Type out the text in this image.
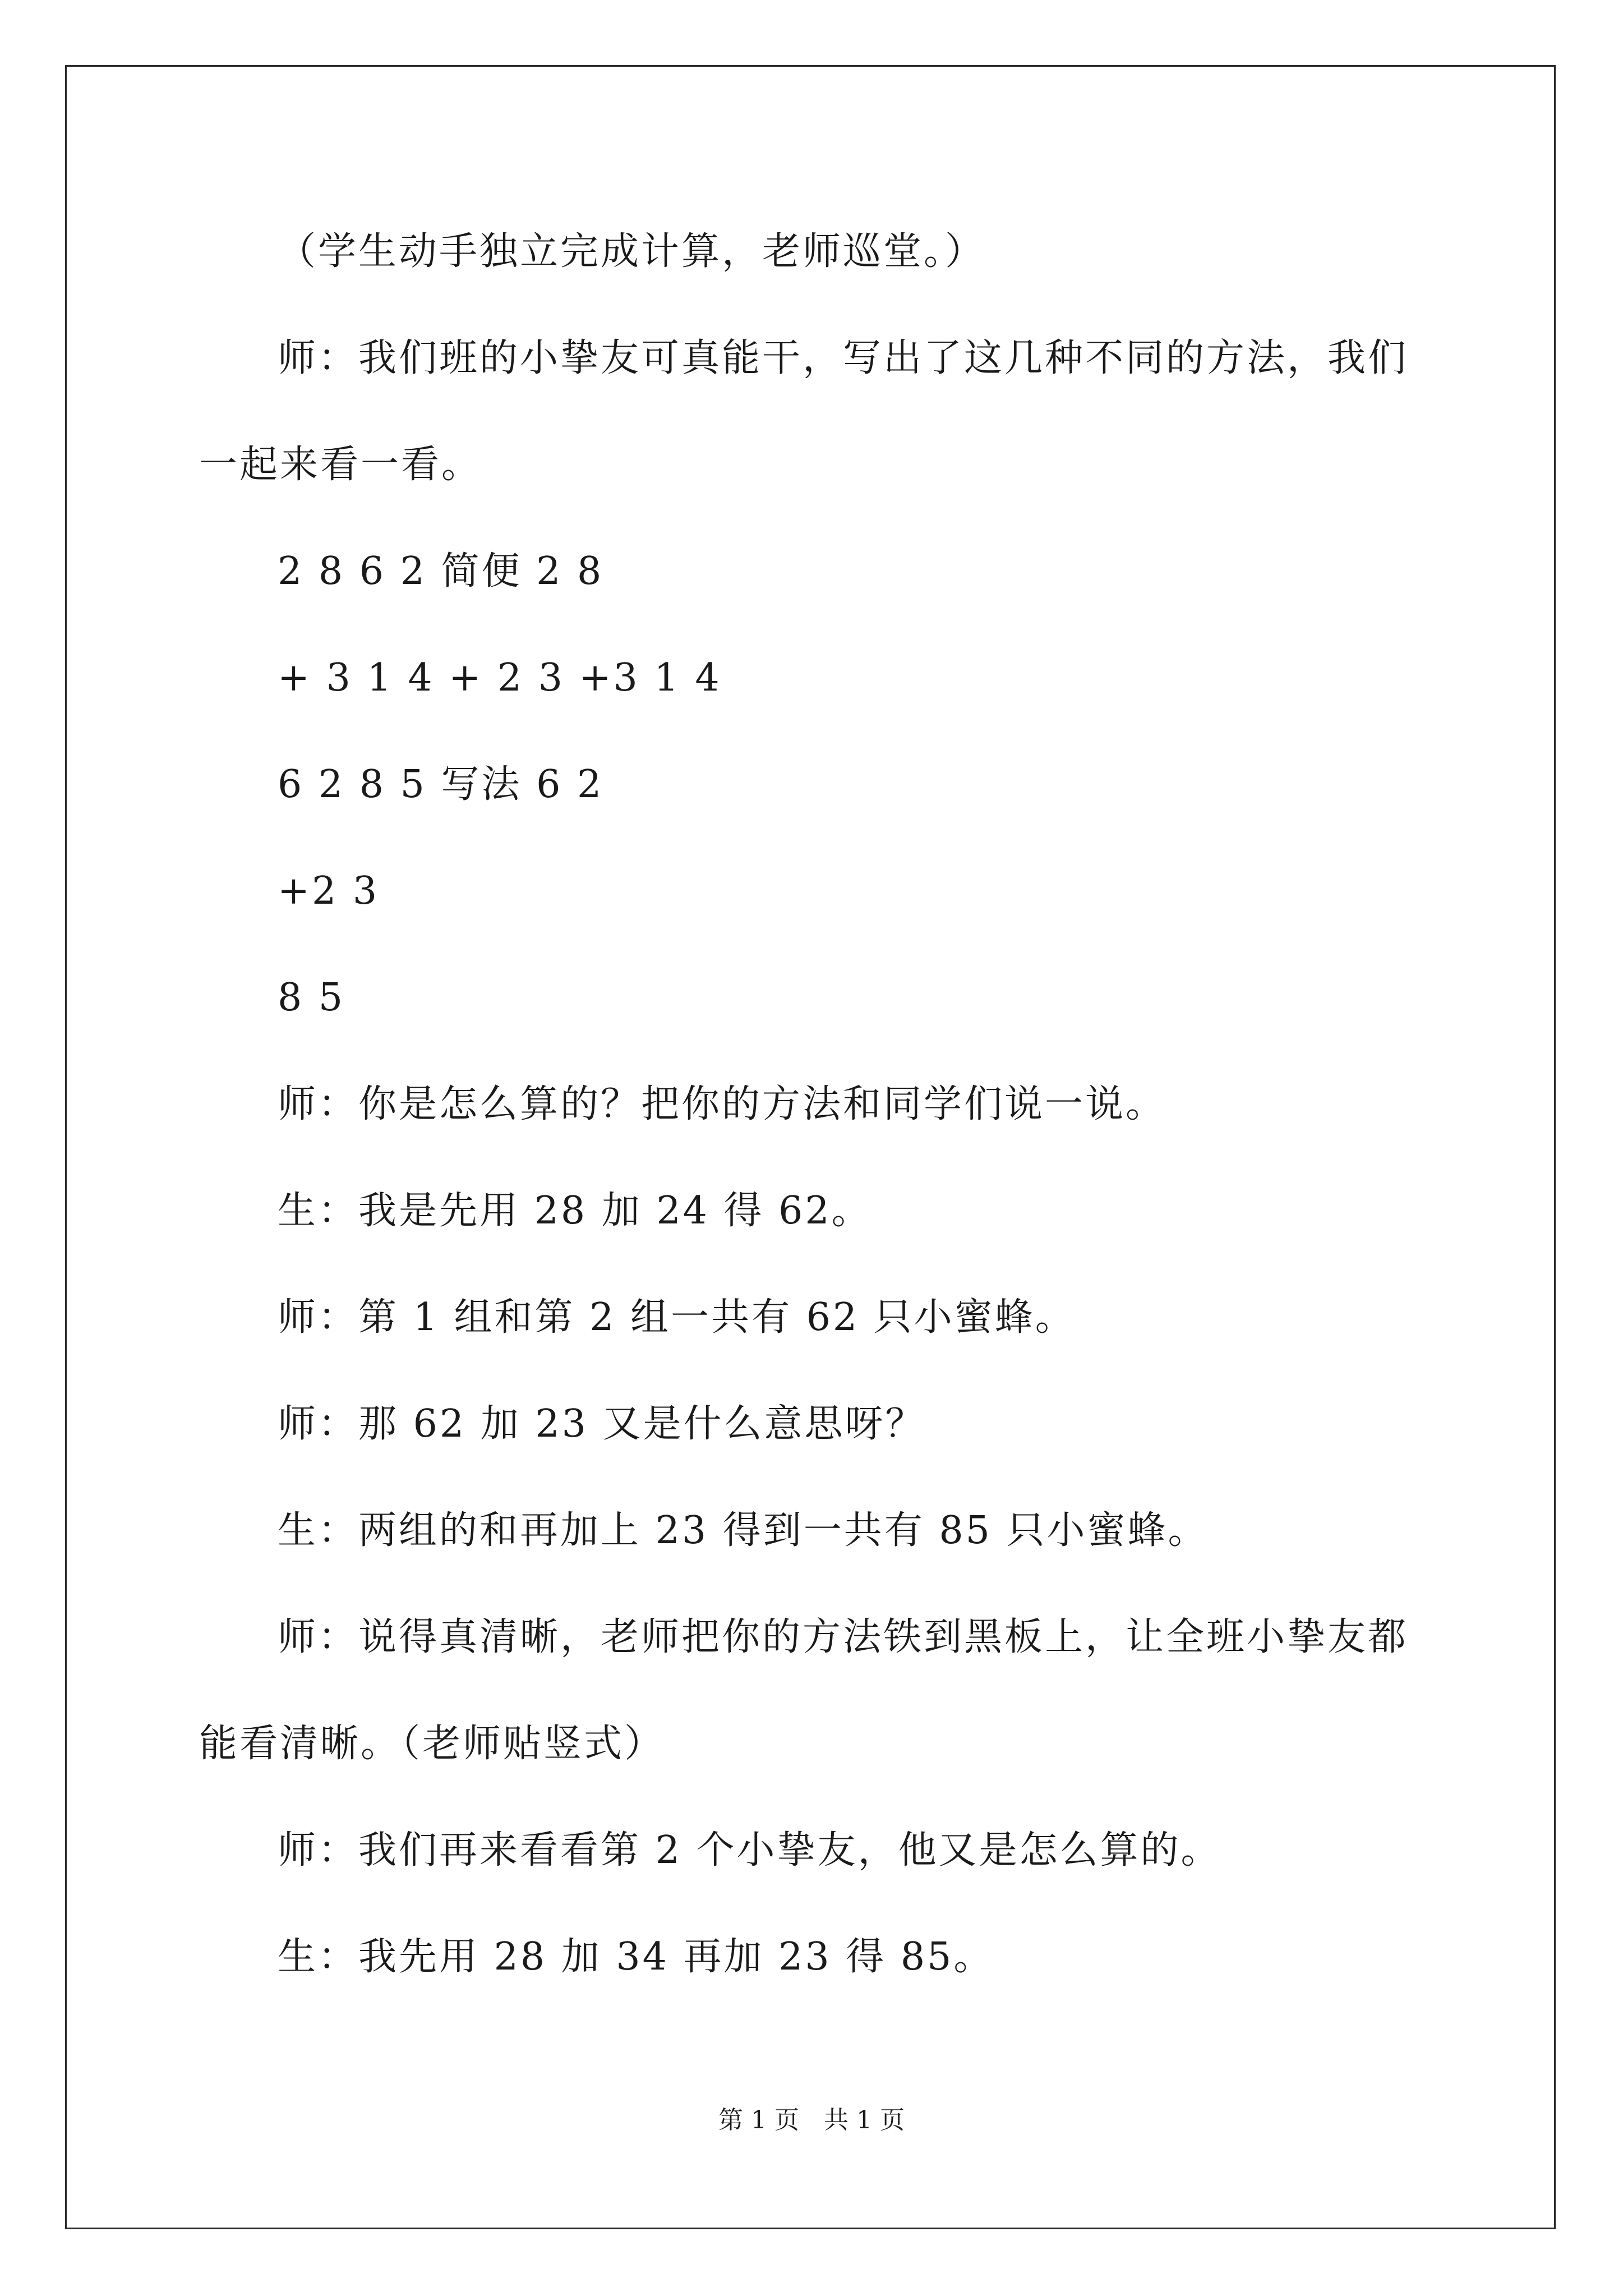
（学生动手独立完成计算，老师巡堂。）
师：我们班的小挚友可真能干，写出了这几种不同的方法，我们
一起来看一看。
2 8 6 2 简便 2 8
+ 3 1 4 + 2 3 +3 1 4
6 2 8 5 写法 6 2
+2 3
8 5
师：你是怎么算的？把你的方法和同学们说一说。
生：我是先用 28 加 24 得 62。
师：第 1 组和第 2 组一共有 62 只小蜜蜂。
师：那 62 加 23 又是什么意思呀？
生：两组的和再加上 23 得到一共有 85 只小蜜蜂。
师：说得真清晰，老师把你的方法铁到黑板上，让全班小挚友都
能看清晰。（老师贴竖式）
师：我们再来看看第 2 个小挚友，他又是怎么算的。
生：我先用 28 加 34 再加 23 得 85。
第 1 页　共 1 页
